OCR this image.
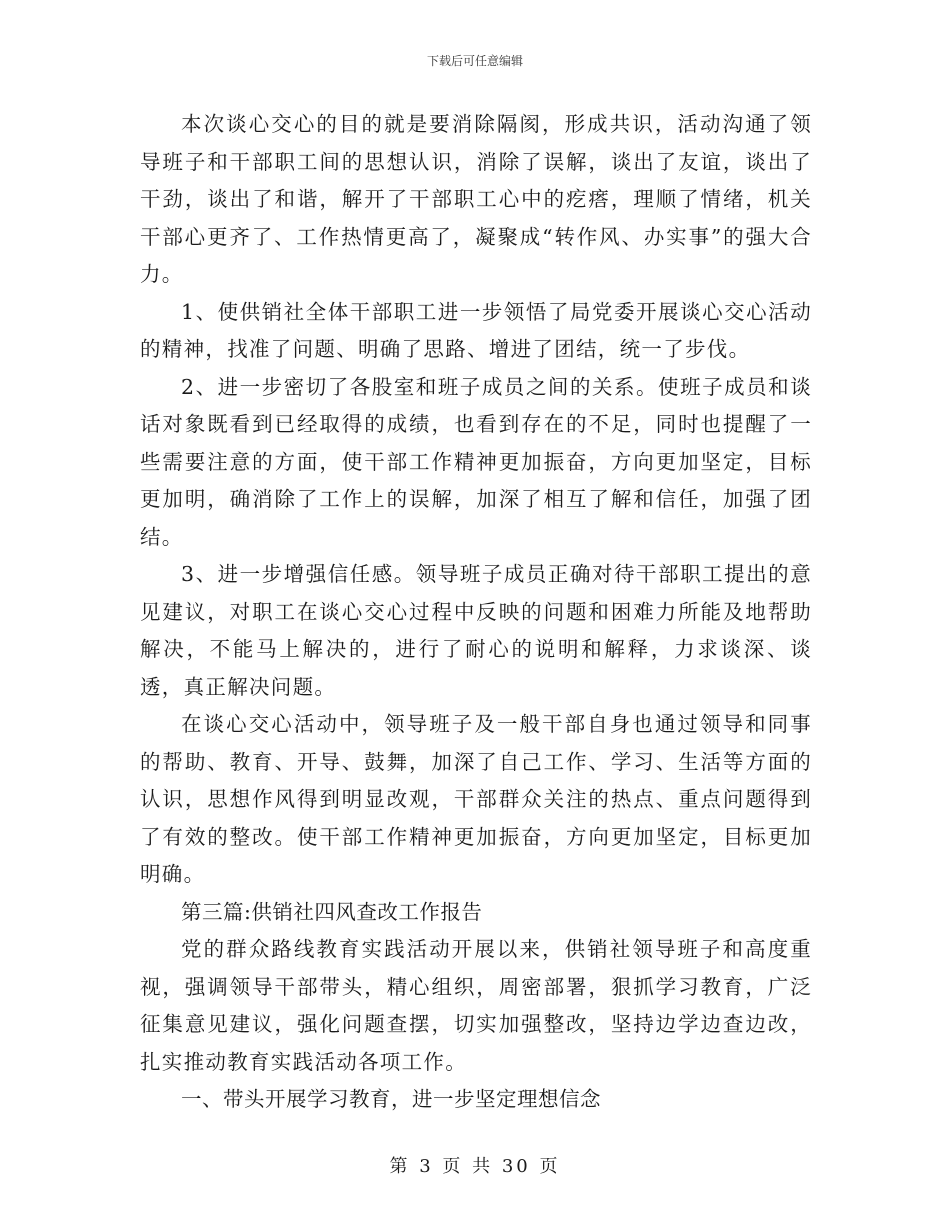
下载后可任意编辑

本次谈心交心的目的就是要消除隔阂，形成共识，活动沟通了领导班子和干部职工间的思想认识，消除了误解，谈出了友谊，谈出了干劲，谈出了和谐，解开了干部职工心中的疙瘩，理顺了情绪，机关干部心更齐了、工作热情更高了，凝聚成“转作风、办实事”的强大合力。

1、使供销社全体干部职工进一步领悟了局党委开展谈心交心活动的精神，找准了问题、明确了思路、增进了团结，统一了步伐。

2、进一步密切了各股室和班子成员之间的关系。使班子成员和谈话对象既看到已经取得的成绩，也看到存在的不足，同时也提醒了一些需要注意的方面，使干部工作精神更加振奋，方向更加坚定，目标更加明，确消除了工作上的误解，加深了相互了解和信任，加强了团结。

3、进一步增强信任感。领导班子成员正确对待干部职工提出的意见建议，对职工在谈心交心过程中反映的问题和困难力所能及地帮助解决，不能马上解决的，进行了耐心的说明和解释，力求谈深、谈透，真正解决问题。

在谈心交心活动中，领导班子及一般干部自身也通过领导和同事的帮助、教育、开导、鼓舞，加深了自己工作、学习、生活等方面的认识，思想作风得到明显改观，干部群众关注的热点、重点问题得到了有效的整改。使干部工作精神更加振奋，方向更加坚定，目标更加明确。

第三篇:供销社四风查改工作报告

党的群众路线教育实践活动开展以来，供销社领导班子和高度重视，强调领导干部带头，精心组织，周密部署，狠抓学习教育，广泛征集意见建议，强化问题查摆，切实加强整改，坚持边学边查边改，扎实推动教育实践活动各项工作。

一、带头开展学习教育，进一步坚定理想信念

第 3 页 共 30 页
